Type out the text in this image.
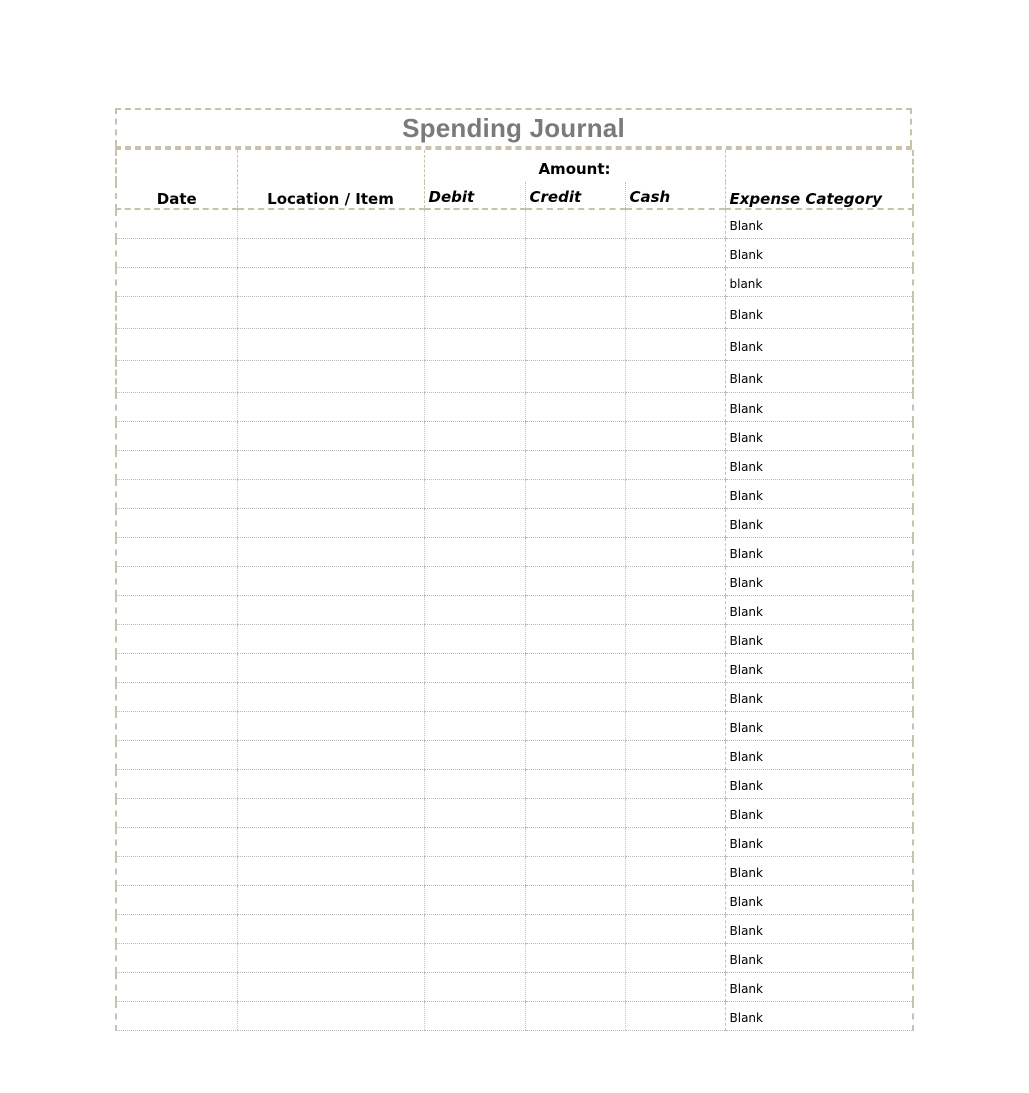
Spending Journal
Date	Location / Item	Amount:			Expense Category
		Debit	Credit	Cash	
					Blank
					Blank
					blank
					Blank
					Blank
					Blank
					Blank
					Blank
					Blank
					Blank
					Blank
					Blank
					Blank
					Blank
					Blank
					Blank
					Blank
					Blank
					Blank
					Blank
					Blank
					Blank
					Blank
					Blank
					Blank
					Blank
					Blank
					Blank
